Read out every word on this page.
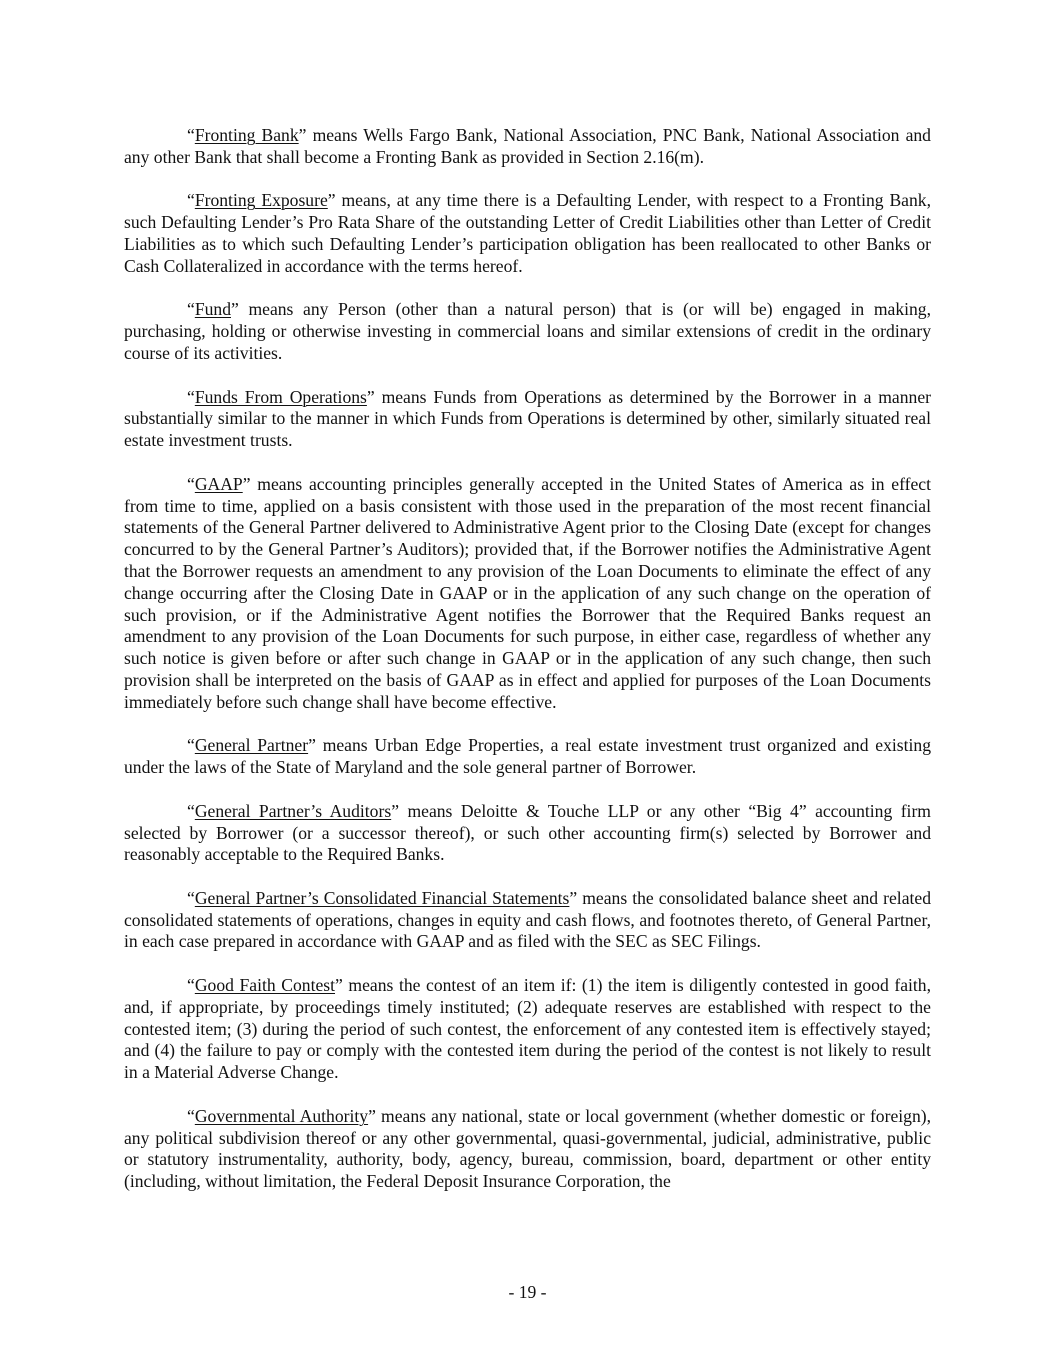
“Fronting Bank” means Wells Fargo Bank, National Association, PNC Bank, National Association and any other Bank that shall become a Fronting Bank as provided in Section 2.16(m).

“Fronting Exposure” means, at any time there is a Defaulting Lender, with respect to a Fronting Bank, such Defaulting Lender’s Pro Rata Share of the outstanding Letter of Credit Liabilities other than Letter of Credit Liabilities as to which such Defaulting Lender’s participation obligation has been reallocated to other Banks or Cash Collateralized in accordance with the terms hereof.

“Fund” means any Person (other than a natural person) that is (or will be) engaged in making, purchasing, holding or otherwise investing in commercial loans and similar extensions of credit in the ordinary course of its activities.

“Funds From Operations” means Funds from Operations as determined by the Borrower in a manner substantially similar to the manner in which Funds from Operations is determined by other, similarly situated real estate investment trusts.

“GAAP” means accounting principles generally accepted in the United States of America as in effect from time to time, applied on a basis consistent with those used in the preparation of the most recent financial statements of the General Partner delivered to Administrative Agent prior to the Closing Date (except for changes concurred to by the General Partner’s Auditors); provided that, if the Borrower notifies the Administrative Agent that the Borrower requests an amendment to any provision of the Loan Documents to eliminate the effect of any change occurring after the Closing Date in GAAP or in the application of any such change on the operation of such provision, or if the Administrative Agent notifies the Borrower that the Required Banks request an amendment to any provision of the Loan Documents for such purpose, in either case, regardless of whether any such notice is given before or after such change in GAAP or in the application of any such change, then such provision shall be interpreted on the basis of GAAP as in effect and applied for purposes of the Loan Documents immediately before such change shall have become effective.

“General Partner” means Urban Edge Properties, a real estate investment trust organized and existing under the laws of the State of Maryland and the sole general partner of Borrower.

“General Partner’s Auditors” means Deloitte & Touche LLP or any other “Big 4” accounting firm selected by Borrower (or a successor thereof), or such other accounting firm(s) selected by Borrower and reasonably acceptable to the Required Banks.

“General Partner’s Consolidated Financial Statements” means the consolidated balance sheet and related consolidated statements of operations, changes in equity and cash flows, and footnotes thereto, of General Partner, in each case prepared in accordance with GAAP and as filed with the SEC as SEC Filings.

“Good Faith Contest” means the contest of an item if: (1) the item is diligently contested in good faith, and, if appropriate, by proceedings timely instituted; (2) adequate reserves are established with respect to the contested item; (3) during the period of such contest, the enforcement of any contested item is effectively stayed; and (4) the failure to pay or comply with the contested item during the period of the contest is not likely to result in a Material Adverse Change.

“Governmental Authority” means any national, state or local government (whether domestic or foreign), any political subdivision thereof or any other governmental, quasi-governmental, judicial, administrative, public or statutory instrumentality, authority, body, agency, bureau, commission, board, department or other entity (including, without limitation, the Federal Deposit Insurance Corporation, the

- 19 -
